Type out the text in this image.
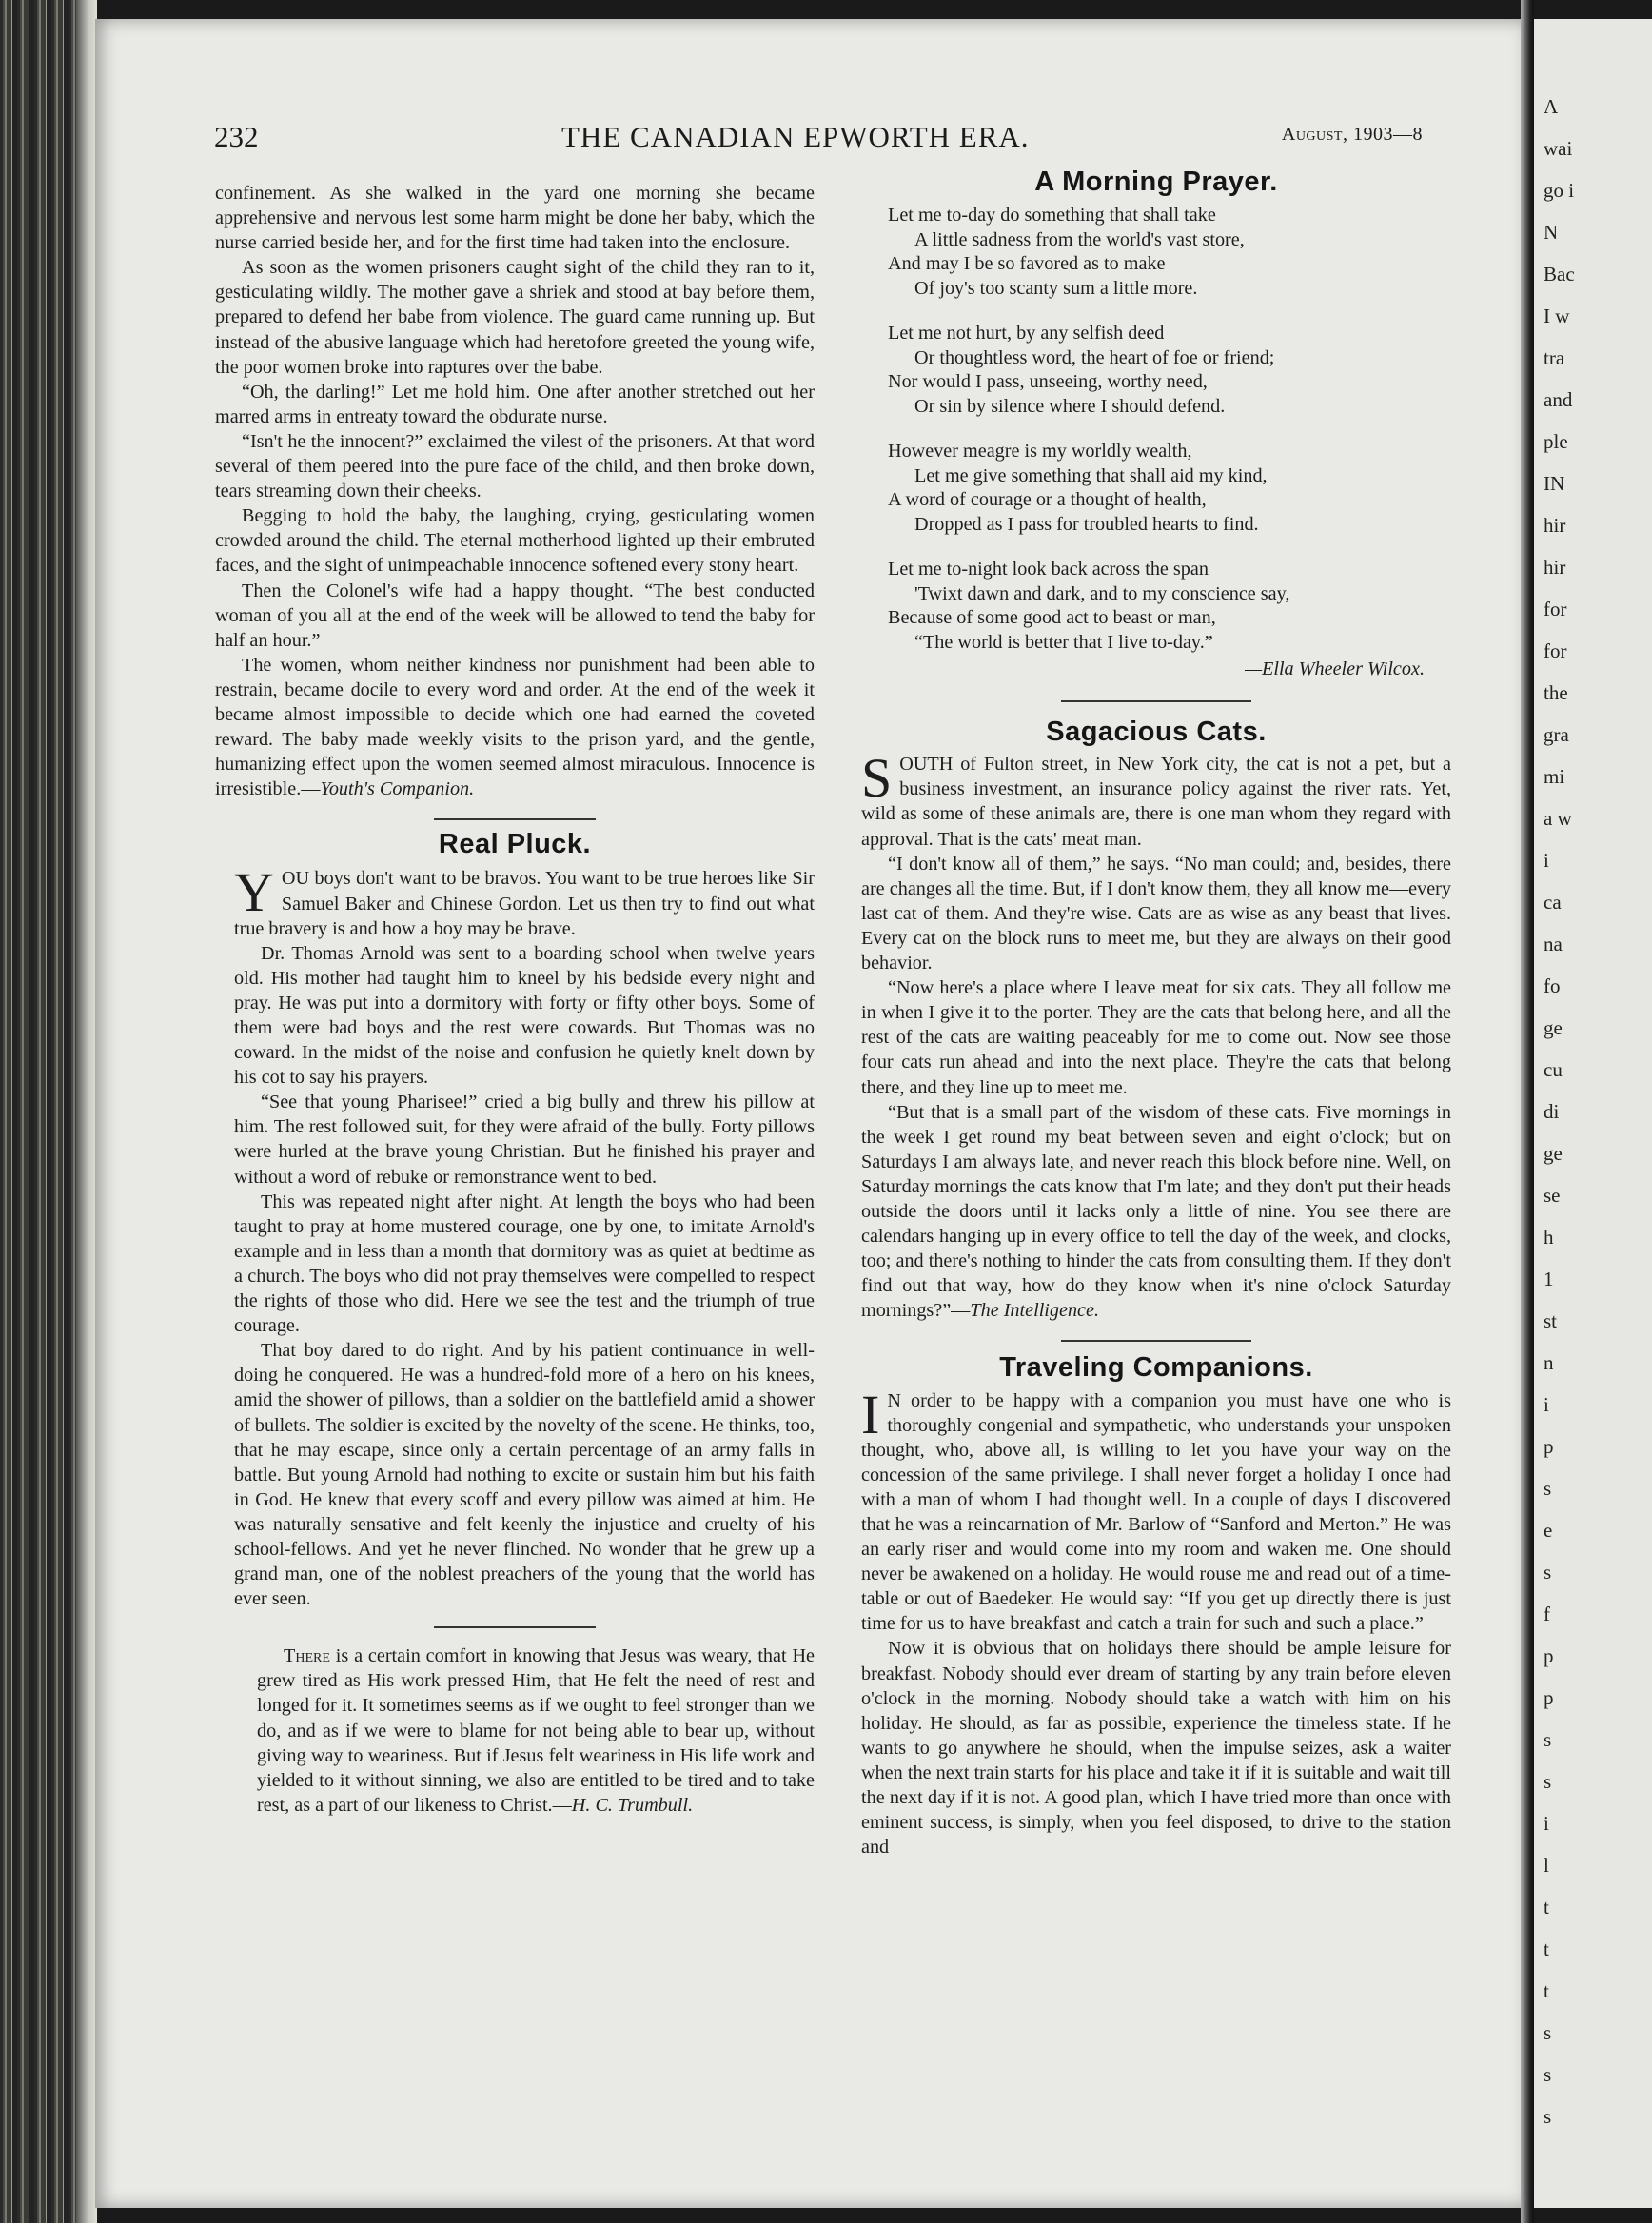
A
wai
go i
N
Bac
I w
tra
and
ple
IN
hir
hir
for
for
the
gra
mi
a w
i
ca
na
fo
ge
cu
di
ge
se
h
1
st
n
i
p
s
e
s
f
p
p
s
s
i
l
t
t
t
s
s
s
232	THE CANADIAN EPWORTH ERA.	August, 1903—8

confinement. As she walked in the yard one morning she became apprehensive and nervous lest some harm might be done her baby, which the nurse carried beside her, and for the first time had taken into the enclosure.

As soon as the women prisoners caught sight of the child they ran to it, gesticulating wildly. The mother gave a shriek and stood at bay before them, prepared to defend her babe from violence. The guard came running up. But instead of the abusive language which had heretofore greeted the young wife, the poor women broke into raptures over the babe.

“Oh, the darling!” Let me hold him. One after another stretched out her marred arms in entreaty toward the obdurate nurse.

“Isn't he the innocent?” exclaimed the vilest of the prisoners. At that word several of them peered into the pure face of the child, and then broke down, tears streaming down their cheeks.

Begging to hold the baby, the laughing, crying, gesticulating women crowded around the child. The eternal motherhood lighted up their embruted faces, and the sight of unimpeachable innocence softened every stony heart.

Then the Colonel's wife had a happy thought. “The best conducted woman of you all at the end of the week will be allowed to tend the baby for half an hour.”

The women, whom neither kindness nor punishment had been able to restrain, became docile to every word and order. At the end of the week it became almost impossible to decide which one had earned the coveted reward. The baby made weekly visits to the prison yard, and the gentle, humanizing effect upon the women seemed almost miraculous. Innocence is irresistible.—Youth's Companion.

Real Pluck.

YOU boys don't want to be bravos. You want to be true heroes like Sir Samuel Baker and Chinese Gordon. Let us then try to find out what true bravery is and how a boy may be brave.

Dr. Thomas Arnold was sent to a boarding school when twelve years old. His mother had taught him to kneel by his bedside every night and pray. He was put into a dormitory with forty or fifty other boys. Some of them were bad boys and the rest were cowards. But Thomas was no coward. In the midst of the noise and confusion he quietly knelt down by his cot to say his prayers.

“See that young Pharisee!” cried a big bully and threw his pillow at him. The rest followed suit, for they were afraid of the bully. Forty pillows were hurled at the brave young Christian. But he finished his prayer and without a word of rebuke or remonstrance went to bed.

This was repeated night after night. At length the boys who had been taught to pray at home mustered courage, one by one, to imitate Arnold's example and in less than a month that dormitory was as quiet at bedtime as a church. The boys who did not pray themselves were compelled to respect the rights of those who did. Here we see the test and the triumph of true courage.

That boy dared to do right. And by his patient continuance in well-doing he conquered. He was a hundred-fold more of a hero on his knees, amid the shower of pillows, than a soldier on the battlefield amid a shower of bullets. The soldier is excited by the novelty of the scene. He thinks, too, that he may escape, since only a certain percentage of an army falls in battle. But young Arnold had nothing to excite or sustain him but his faith in God. He knew that every scoff and every pillow was aimed at him. He was naturally sensative and felt keenly the injustice and cruelty of his school-fellows. And yet he never flinched. No wonder that he grew up a grand man, one of the noblest preachers of the young that the world has ever seen.

There is a certain comfort in knowing that Jesus was weary, that He grew tired as His work pressed Him, that He felt the need of rest and longed for it. It sometimes seems as if we ought to feel stronger than we do, and as if we were to blame for not being able to bear up, without giving way to weariness. But if Jesus felt weariness in His life work and yielded to it without sinning, we also are entitled to be tired and to take rest, as a part of our likeness to Christ.—H. C. Trumbull.

A Morning Prayer.
Let me to-day do something that shall take
A little sadness from the world's vast store,
And may I be so favored as to make
Of joy's too scanty sum a little more.
Let me not hurt, by any selfish deed
Or thoughtless word, the heart of foe or friend;
Nor would I pass, unseeing, worthy need,
Or sin by silence where I should defend.
However meagre is my worldly wealth,
Let me give something that shall aid my kind,
A word of courage or a thought of health,
Dropped as I pass for troubled hearts to find.
Let me to-night look back across the span
'Twixt dawn and dark, and to my conscience say,
Because of some good act to beast or man,
“The world is better that I live to-day.”
—Ella Wheeler Wilcox.
Sagacious Cats.

SOUTH of Fulton street, in New York city, the cat is not a pet, but a business investment, an insurance policy against the river rats. Yet, wild as some of these animals are, there is one man whom they regard with approval. That is the cats' meat man.

“I don't know all of them,” he says. “No man could; and, besides, there are changes all the time. But, if I don't know them, they all know me—every last cat of them. And they're wise. Cats are as wise as any beast that lives. Every cat on the block runs to meet me, but they are always on their good behavior.

“Now here's a place where I leave meat for six cats. They all follow me in when I give it to the porter. They are the cats that belong here, and all the rest of the cats are waiting peaceably for me to come out. Now see those four cats run ahead and into the next place. They're the cats that belong there, and they line up to meet me.

“But that is a small part of the wisdom of these cats. Five mornings in the week I get round my beat between seven and eight o'clock; but on Saturdays I am always late, and never reach this block before nine. Well, on Saturday mornings the cats know that I'm late; and they don't put their heads outside the doors until it lacks only a little of nine. You see there are calendars hanging up in every office to tell the day of the week, and clocks, too; and there's nothing to hinder the cats from consulting them. If they don't find out that way, how do they know when it's nine o'clock Saturday mornings?”—The Intelligence.

Traveling Companions.

I N order to be happy with a companion you must have one who is thoroughly congenial and sympathetic, who understands your unspoken thought, who, above all, is willing to let you have your way on the concession of the same privilege. I shall never forget a holiday I once had with a man of whom I had thought well. In a couple of days I discovered that he was a reincarnation of Mr. Barlow of “Sanford and Merton.” He was an early riser and would come into my room and waken me. One should never be awakened on a holiday. He would rouse me and read out of a time-table or out of Baedeker. He would say: “If you get up directly there is just time for us to have breakfast and catch a train for such and such a place.”

Now it is obvious that on holidays there should be ample leisure for breakfast. Nobody should ever dream of starting by any train before eleven o'clock in the morning. Nobody should take a watch with him on his holiday. He should, as far as possible, experience the timeless state. If he wants to go anywhere he should, when the impulse seizes, ask a waiter when the next train starts for his place and take it if it is suitable and wait till the next day if it is not. A good plan, which I have tried more than once with eminent success, is simply, when you feel disposed, to drive to the station and
